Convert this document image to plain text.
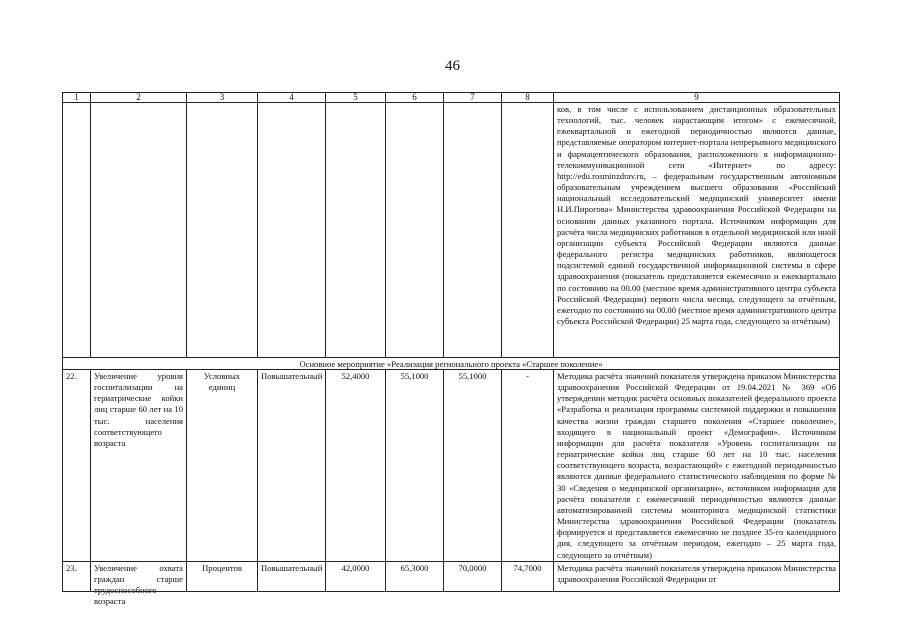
46
1	2	3	4	5	6	7	8	9
								ков, в том числе с использованием дистанционных образовательных технологий, тыс. человек нарастающим итогом» с ежемесячной, ежеквартальной и ежегодной периодичностью являются данные, представляемые оператором интернет-портала непрерывного медицинского и фармацевтического образования, расположенного в информационно-телекоммуникационной сети «Интернет» по адресу: http://edu.rosminzdrav.ru, – федеральным государственным автономным образовательным учреждением высшего образования «Российский национальный исследовательский медицинский университет имени Н.И.Пирогова» Министерства здравоохранения Российской Федерации на основании данных указанного портала. Источником информации для расчёта числа медицинских работников в отдельной медицинской или иной организации субъекта Российской Федерации являются данные федерального регистра медицинских работников, являющегося подсистемой единой государственной информационной системы в сфере здравоохранения (показатель представляется ежемесячно и ежеквартально по состоянию на 00.00 (местное время административного центра субъекта Российской Федерации) первого числа месяца, следующего за отчётным, ежегодно по состоянию на 00.00 (местное время административного центра субъекта Российской Федерации) 25 марта года, следующего за отчётным)
Основное мероприятие «Реализация регионального проекта «Старшее поколение»								
22.	Увеличение уровня госпитализации на гериатрические койки лиц старше 60 лет на 10 тыс. населения соответствующего возраста	Условных единиц	Повышательный	52,4000	55,1000	55,1000	-	Методика расчёта значений показателя утверждена приказом Министерства здравоохранения Российской Федерации от 19.04.2021 № 369 «Об утверждении методик расчёта основных показателей федерального проекта «Разработка и реализация программы системной поддержки и повышения качества жизни граждан старшего поколения «Старшее поколение», входящего в национальный проект «Демография». Источником информации для расчёта показателя «Уровень госпитализации на гериатрические койки лиц старше 60 лет на 10 тыс. населения соответствующего возраста, возрастающий» с ежегодной периодичностью являются данные федерального статистического наблюдения по форме № 30 «Сведения о медицинской организации», источником информации для расчёта показателя с ежемесячной периодичностью являются данные автоматизированной системы мониторинга медицинской статистики Министерства здравоохранения Российской Федерации (показатель формируется и представляется ежемесячно не позднее 35-го календарного дня, следующего за отчётным периодом, ежегодно – 25 марта года, следующего за отчётным)

23.	Увеличение охвата граждан старше трудоспособного возраста	Процентов	Повышательный	42,0000	65,3000	70,0000	74,7000	Методика расчёта значений показателя утверждена приказом Министерства здравоохранения Российской Федерации от
